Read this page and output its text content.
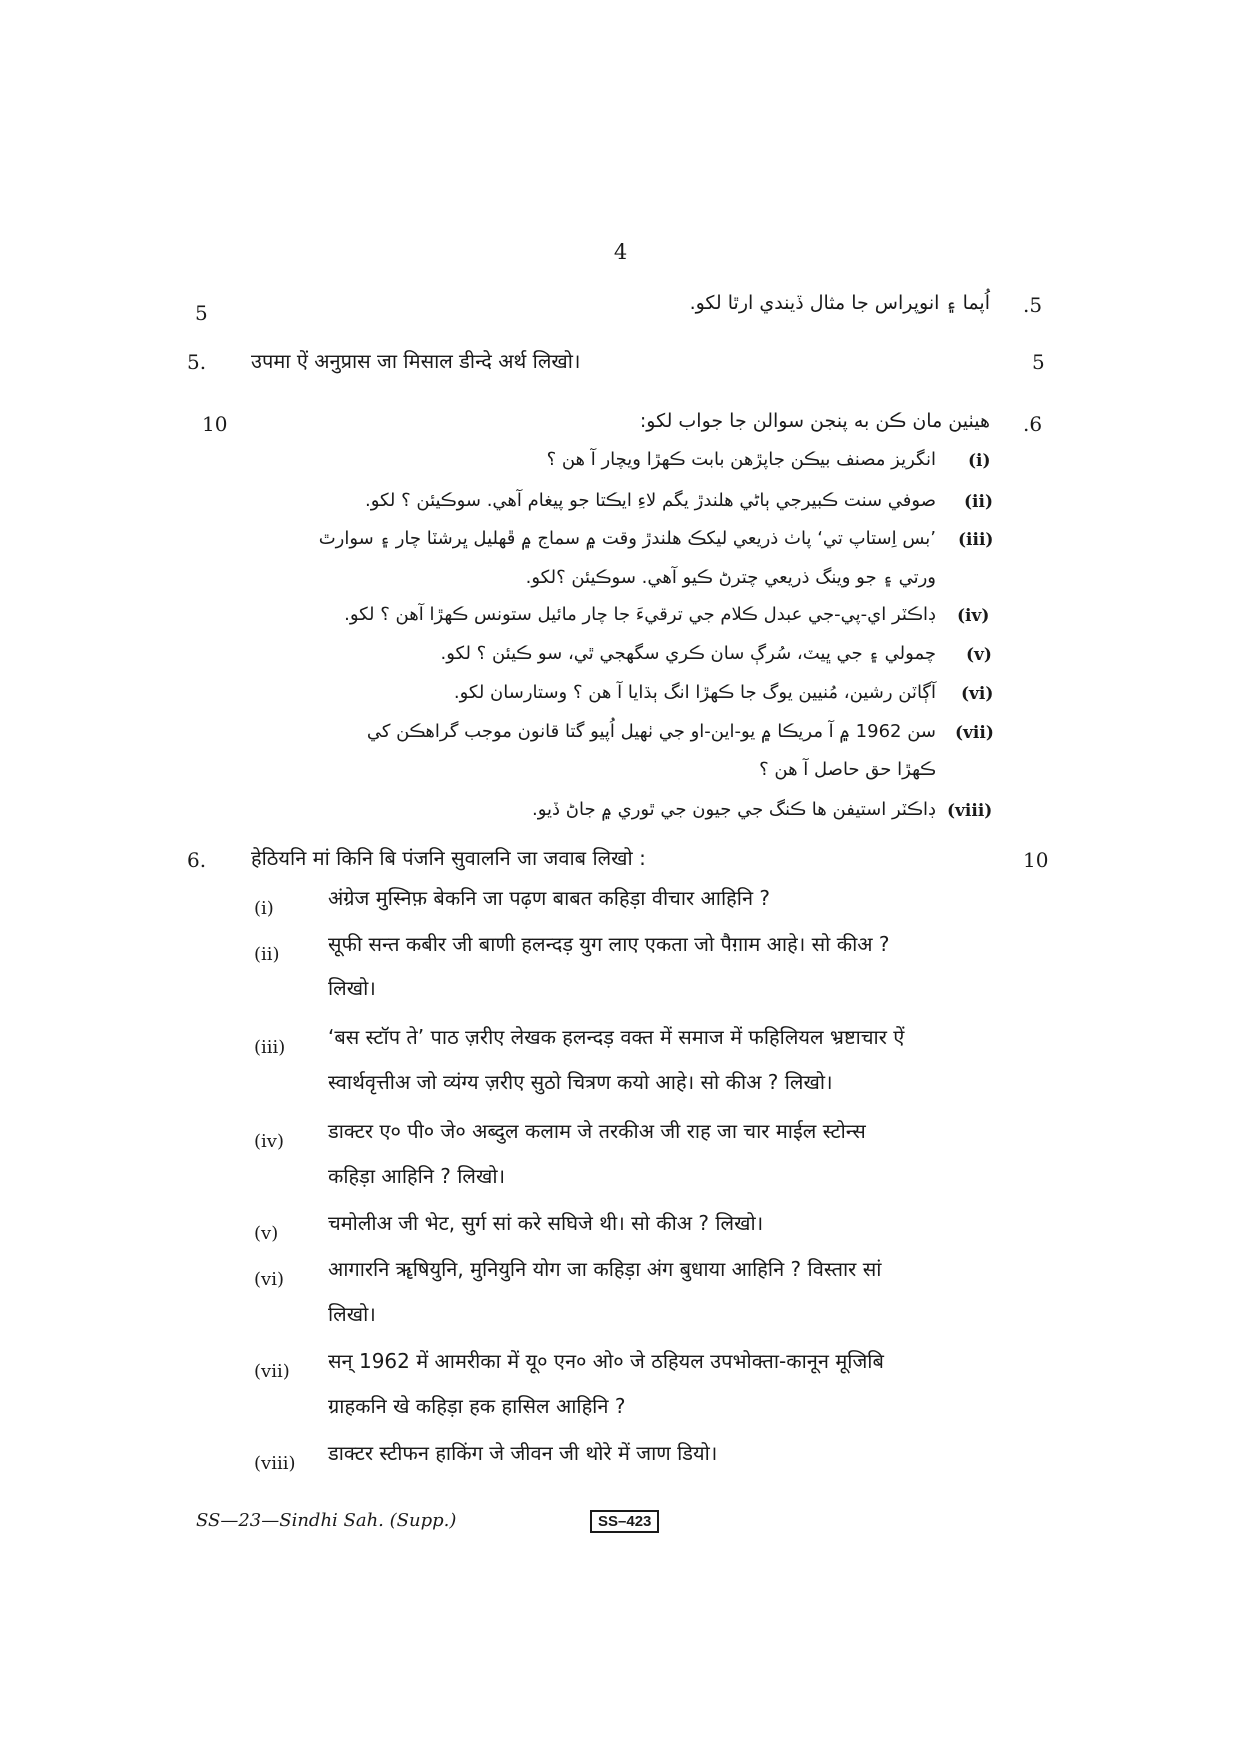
4
.5
اُپما ۽ انوپراس جا مثال ڏيندي ارٿا لکو.
5
5. उपमा ऐं अनुप्रास जा मिसाल डीन्दे अर्थ लिखो।	5
.6
هيٺين مان ڪن به پنجن سوالن جا جواب لکو:
10
(i)
انگريز مصنف بيڪن جاپڙهن بابت ڪهڙا ويچار آ هن ؟
(ii)
صوفي سنت ڪبيرجي ٻاڻي هلندڙ يگم لاءِ ايڪتا جو پيغام آهي. سوڪيئن ؟ لکو.
(iii)
’بس اِستاپ تي‘ پاٺ ذريعي ليکڪ هلندڙ وقت ۾ سماج ۾ ڦهليل ڀرشٽا چار ۽ سوارٿ
ورتي ۽ جو وينگ ذريعي چترڻ ڪيو آهي. سوڪيئن ؟لکو.
(iv)
ڊاڪٽر اي-پي-جي عبدل ڪلام جي ترقيءَ جا چار مائيل ستونس ڪهڙا آهن ؟ لکو.
(v)
چمولي ۽ جي ڀيٽ، سُرڳ سان ڪري سگهجي ٿي، سو ڪيئن ؟ لکو.
(vi)
آڳاٽن رشين، مُنيين يوگ جا ڪهڙا انگ ٻڌايا آ هن ؟ وستارسان لکو.
(vii)
سن 1962 ۾ آ مريڪا ۾ يو-اين-او جي ٺهيل اُپيو گتا قانون موجب گراهڪن کي
ڪهڙا حق حاصل آ هن ؟
(viii)
ڊاڪٽر استيفن ها ڪنگ جي جيون جي ٿوري ۾ جاڻ ڏيو.
6. हेठियनि मां किनि बि पंजनि सुवालनि जा जवाब लिखो :	10
(i)	अंग्रेज मुस्निफ़ बेकनि जा पढ़ण बाबत कहिड़ा वीचार आहिनि ?
(ii) सूफी सन्त कबीर जी बाणी हलन्दड़ युग लाए एकता जो पैग़ाम आहे। सो कीअ ?
लिखो।
(iii) ‘बस स्टॉप ते’ पाठ ज़रीए लेखक हलन्दड़ वक्त में समाज में फहिलियल भ्रष्टाचार ऐं
स्वार्थवृत्तीअ जो व्यंग्य ज़रीए सुठो चित्रण कयो आहे। सो कीअ ? लिखो।
(iv) डाक्टर ए० पी० जे० अब्दुल कलाम जे तरकीअ जी राह जा चार माईल स्टोन्स
कहिड़ा आहिनि ? लिखो।
(v) चमोलीअ जी भेट, सुर्ग सां करे सघिजे थी। सो कीअ ? लिखो।
(vi) आगारनि ॠषियुनि, मुनियुनि योग जा कहिड़ा अंग बुधाया आहिनि ? विस्तार सां
लिखो।
(vii) सन् 1962 में आमरीका में यू० एन० ओ० जे ठहियल उपभोक्ता-कानून मूजिबि
ग्राहकनि खे कहिड़ा हक हासिल आहिनि ?
(viii) डाक्टर स्टीफन हाकिंग जे जीवन जी थोरे में जाण डियो।
SS—23—Sindhi Sah. (Supp.)	SS–423
